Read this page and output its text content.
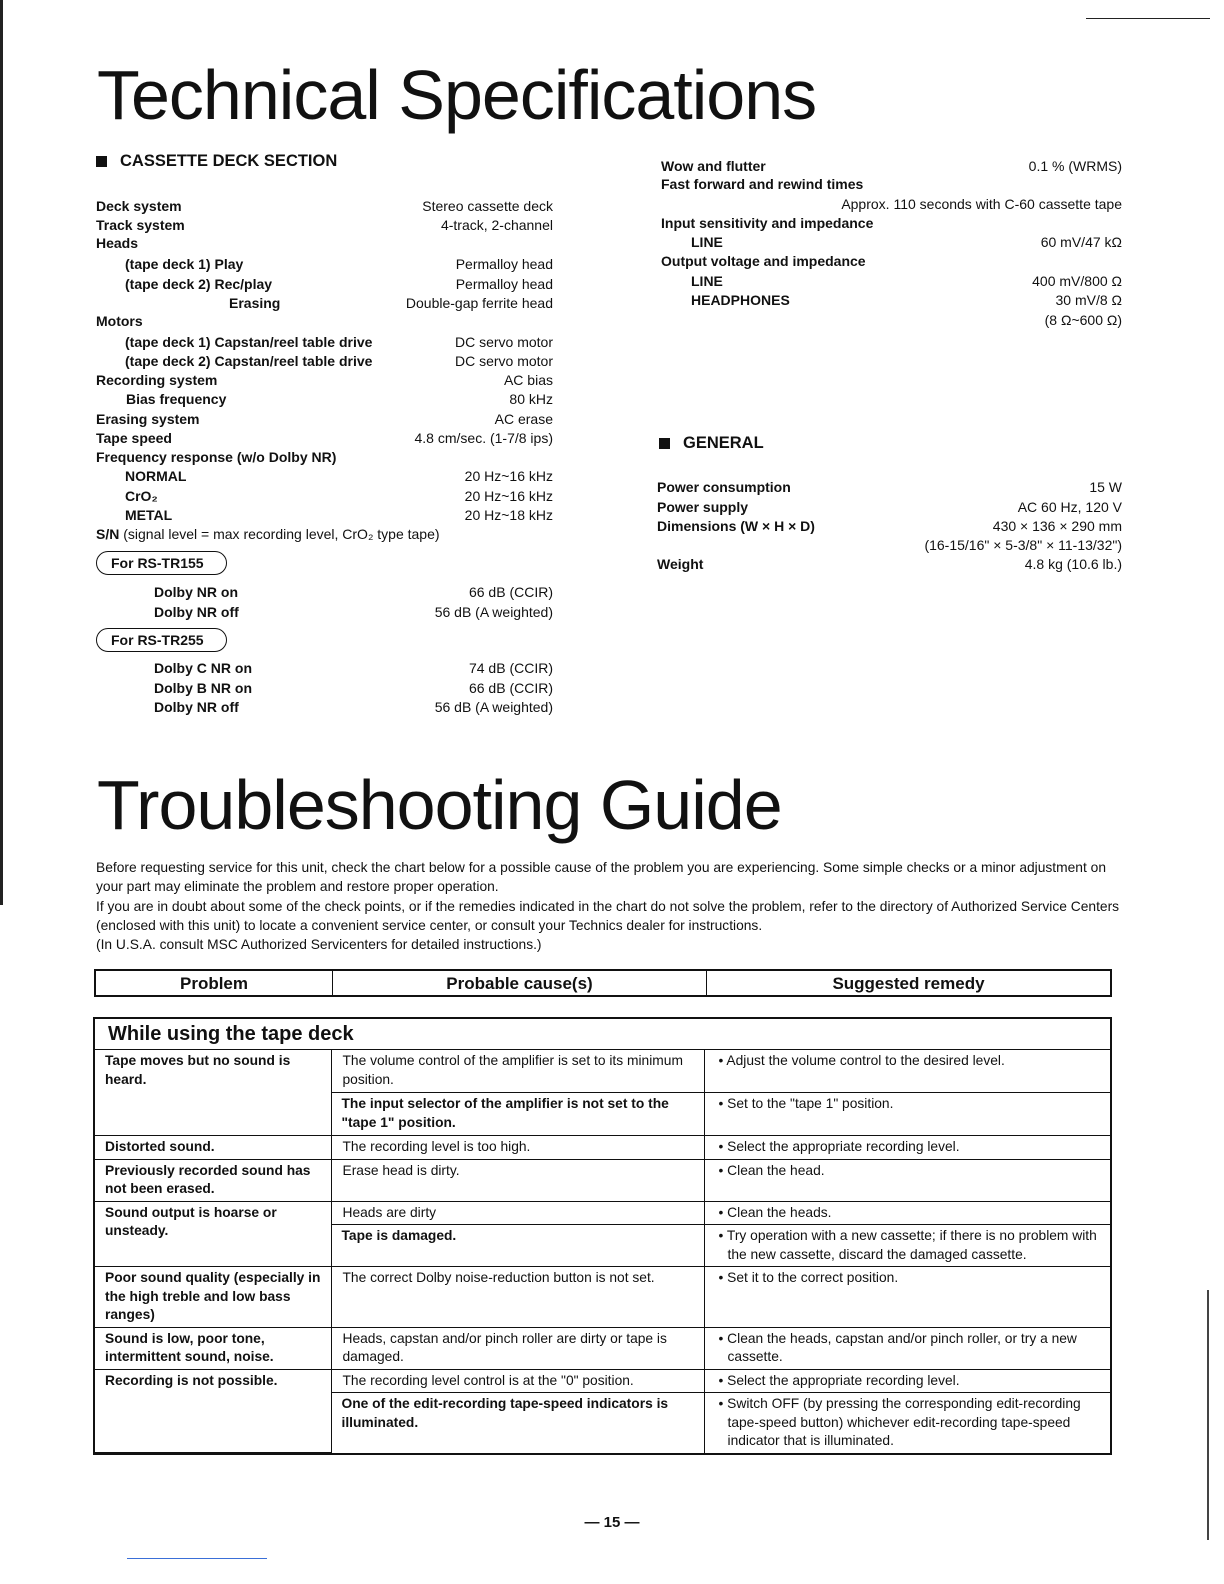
Technical Specifications
CASSETTE DECK SECTION
Deck system	Stereo cassette deck
Track system	4-track, 2-channel
Heads
(tape deck 1) Play	Permalloy head
(tape deck 2) Rec/play	Permalloy head
Erasing	Double-gap ferrite head
Motors
(tape deck 1) Capstan/reel table drive	DC servo motor
(tape deck 2) Capstan/reel table drive	DC servo motor
Recording system	AC bias
Bias frequency	80 kHz
Erasing system	AC erase
Tape speed	4.8 cm/sec. (1-7/8 ips)
Frequency response (w/o Dolby NR)
NORMAL	20 Hz~16 kHz
CrO₂	20 Hz~16 kHz
METAL	20 Hz~18 kHz
S/N (signal level = max recording level, CrO₂ type tape)
For RS-TR155
Dolby NR on	66 dB (CCIR)
Dolby NR off	56 dB (A weighted)
For RS-TR255
Dolby C NR on	74 dB (CCIR)
Dolby B NR on	66 dB (CCIR)
Dolby NR off	56 dB (A weighted)
Wow and flutter	0.1 % (WRMS)
Fast forward and rewind times
Approx. 110 seconds with C-60 cassette tape
Input sensitivity and impedance
LINE	60 mV/47 kΩ
Output voltage and impedance
LINE	400 mV/800 Ω
HEADPHONES	30 mV/8 Ω
(8 Ω~600 Ω)
GENERAL
Power consumption	15 W
Power supply	AC 60 Hz, 120 V
Dimensions (W × H × D)	430 × 136 × 290 mm
(16-15/16" × 5-3/8" × 11-13/32")
Weight	4.8 kg (10.6 lb.)
Troubleshooting Guide

Before requesting service for this unit, check the chart below for a possible cause of the problem you are experiencing. Some simple checks or a minor adjustment on your part may eliminate the problem and restore proper operation.

If you are in doubt about some of the check points, or if the remedies indicated in the chart do not solve the problem, refer to the directory of Authorized Service Centers (enclosed with this unit) to locate a convenient service center, or consult your Technics dealer for instructions.

(In U.S.A. consult MSC Authorized Servicenters for detailed instructions.)

Problem	Probable cause(s)	Suggested remedy
While using the tape deck
Tape moves but no sound is heard.	The volume control of the amplifier is set to its minimum position.	• Adjust the volume control to the desired level.

	The input selector of the amplifier is not set to the "tape 1" position.	• Set to the "tape 1" position.

Distorted sound.	The recording level is too high.	• Select the appropriate recording level.

Previously recorded sound has not been erased.	Erase head is dirty.	• Clean the head.

Sound output is hoarse or unsteady.	Heads are dirty	• Clean the heads.

	Tape is damaged.	• Try operation with a new cassette; if there is no problem with the new cassette, discard the damaged cassette.

Poor sound quality (especially in the high treble and low bass ranges)	The correct Dolby noise-reduction button is not set.	• Set it to the correct position.

Sound is low, poor tone, intermittent sound, noise.	Heads, capstan and/or pinch roller are dirty or tape is damaged.	• Clean the heads, capstan and/or pinch roller, or try a new cassette.

Recording is not possible.	The recording level control is at the "0" position.	• Select the appropriate recording level.

	One of the edit-recording tape-speed indicators is illuminated.	• Switch OFF (by pressing the corresponding edit-recording tape-speed button) whichever edit-recording tape-speed indicator that is illuminated.
— 15 —
